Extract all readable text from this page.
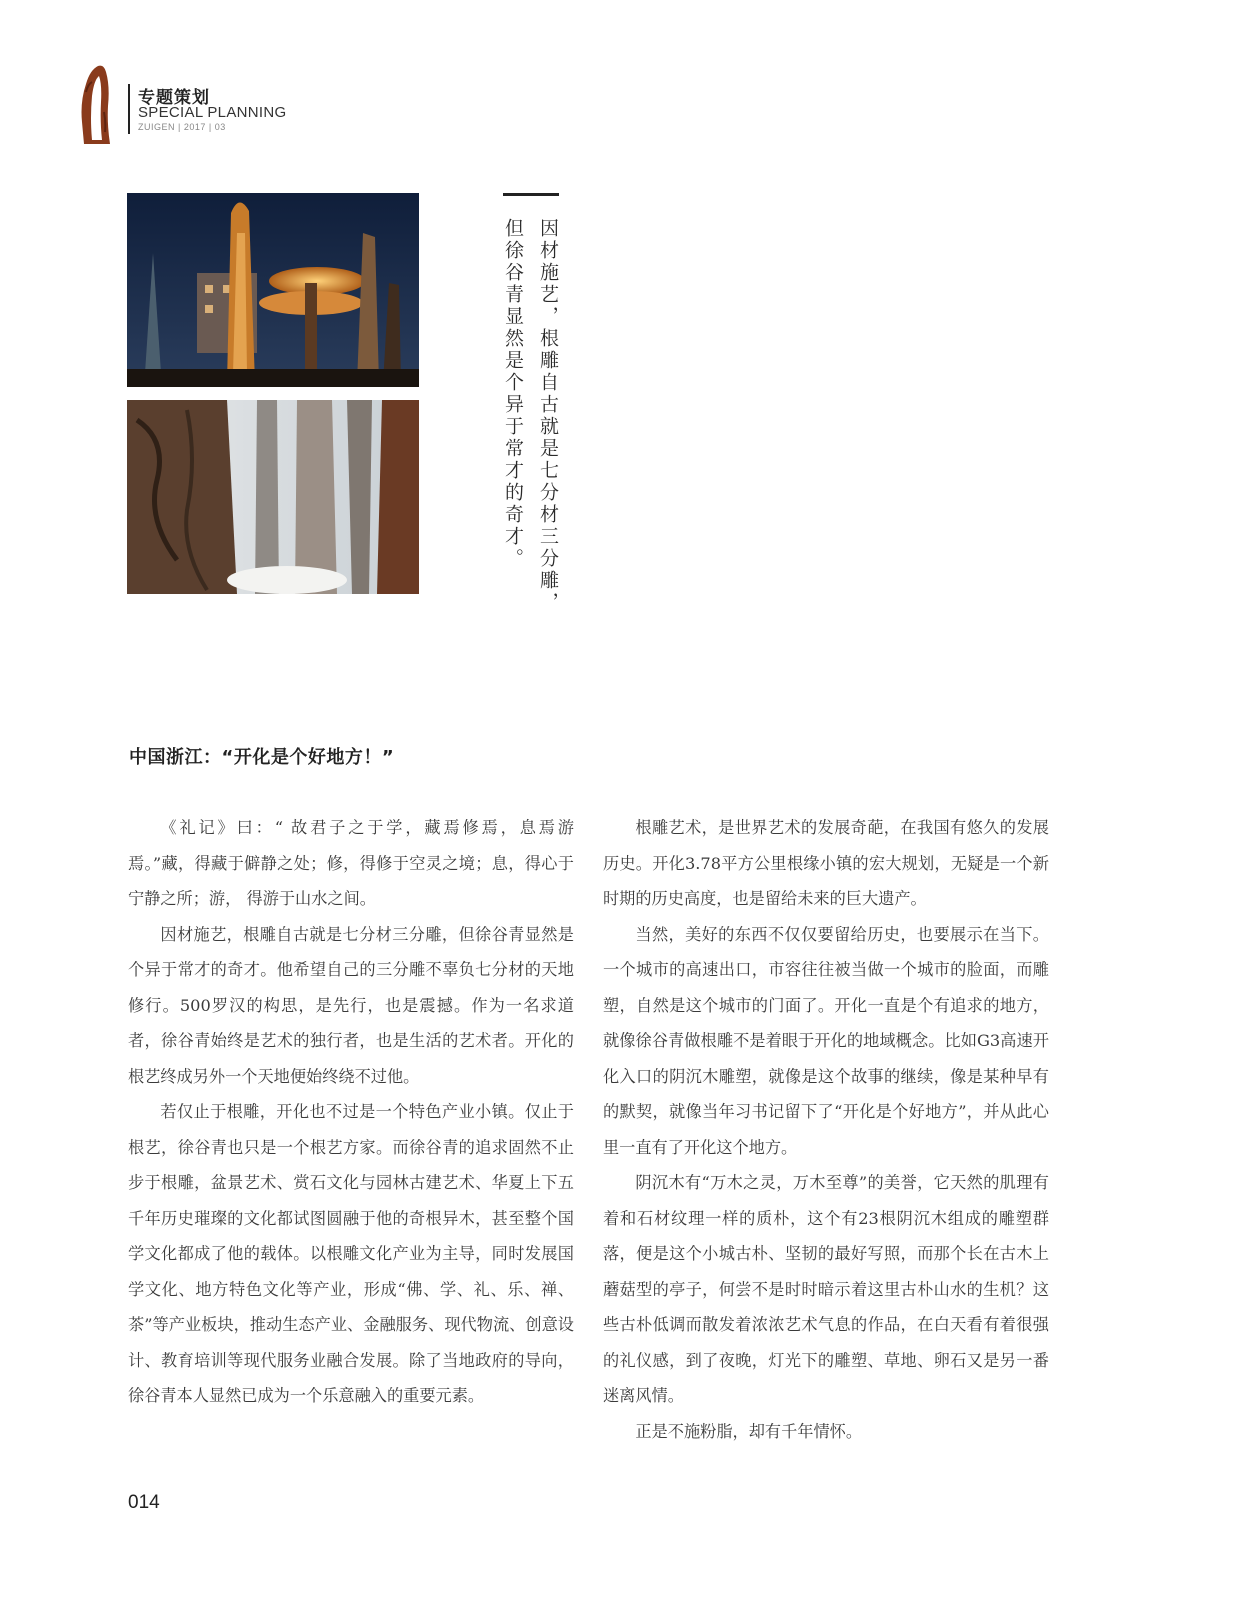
专题策划
SPECIAL PLANNING
ZUIGEN | 2017 | 03
因材施艺，根雕自古就是七分材三分雕，
但徐谷青显然是个异于常才的奇才。
中国浙江：“开化是个好地方！”

《礼记》曰：“ 故君子之于学，藏焉修焉，息焉游焉。”藏，得藏于僻静之处；修，得修于空灵之境；息，得心于宁静之所；游， 得游于山水之间。

因材施艺，根雕自古就是七分材三分雕，但徐谷青显然是个异于常才的奇才。他希望自己的三分雕不辜负七分材的天地修行。500罗汉的构思，是先行，也是震撼。作为一名求道者，徐谷青始终是艺术的独行者，也是生活的艺术者。开化的根艺终成另外一个天地便始终绕不过他。

若仅止于根雕，开化也不过是一个特色产业小镇。仅止于根艺，徐谷青也只是一个根艺方家。而徐谷青的追求固然不止步于根雕，盆景艺术、赏石文化与园林古建艺术、华夏上下五千年历史璀璨的文化都试图圆融于他的奇根异木，甚至整个国学文化都成了他的载体。以根雕文化产业为主导，同时发展国学文化、地方特色文化等产业，形成“佛、学、礼、乐、禅、茶”等产业板块，推动生态产业、金融服务、现代物流、创意设计、教育培训等现代服务业融合发展。除了当地政府的导向，徐谷青本人显然已成为一个乐意融入的重要元素。

根雕艺术，是世界艺术的发展奇葩，在我国有悠久的发展历史。开化3.78平方公里根缘小镇的宏大规划，无疑是一个新时期的历史高度，也是留给未来的巨大遗产。

当然，美好的东西不仅仅要留给历史，也要展示在当下。一个城市的高速出口，市容往往被当做一个城市的脸面，而雕塑，自然是这个城市的门面了。开化一直是个有追求的地方，就像徐谷青做根雕不是着眼于开化的地域概念。比如G3高速开化入口的阴沉木雕塑，就像是这个故事的继续，像是某种早有的默契，就像当年习书记留下了“开化是个好地方”，并从此心里一直有了开化这个地方。

阴沉木有“万木之灵，万木至尊”的美誉，它天然的肌理有着和石材纹理一样的质朴，这个有23根阴沉木组成的雕塑群落，便是这个小城古朴、坚韧的最好写照，而那个长在古木上蘑菇型的亭子，何尝不是时时暗示着这里古朴山水的生机？这些古朴低调而散发着浓浓艺术气息的作品，在白天看有着很强的礼仪感，到了夜晚，灯光下的雕塑、草地、卵石又是另一番迷离风情。

正是不施粉脂，却有千年情怀。

014
